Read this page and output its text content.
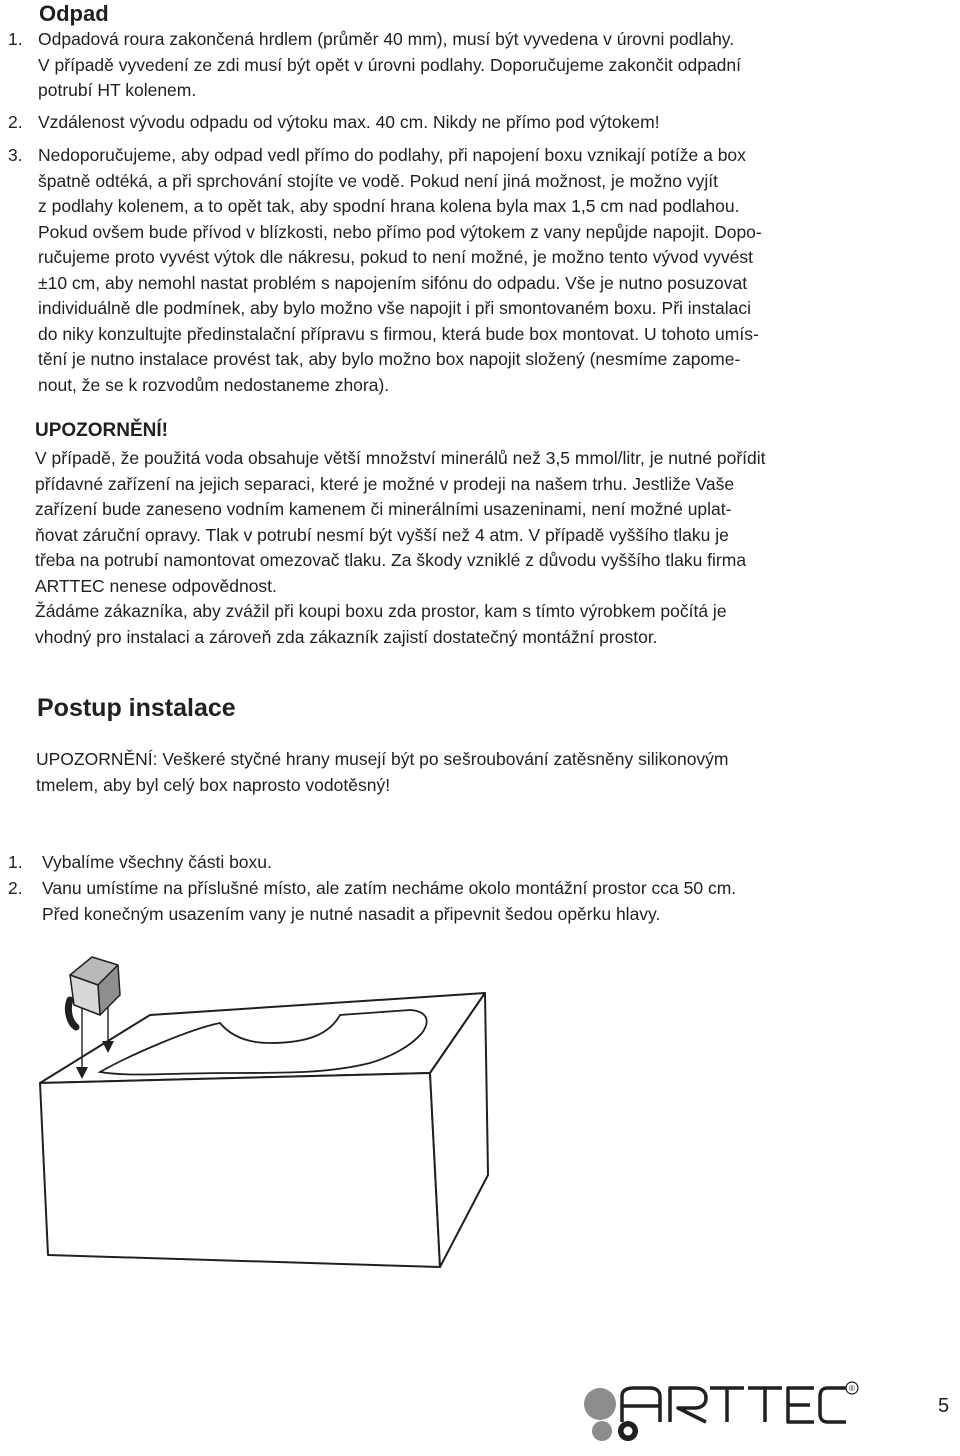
Odpad
1. Odpadová roura zakončená hrdlem (průměr 40 mm), musí být vyvedena v úrovni podlahy.
V případě vyvedení ze zdi musí být opět v úrovni podlahy. Doporučujeme zakončit odpadní
potrubí HT kolenem.
2. Vzdálenost vývodu odpadu od výtoku max. 40 cm. Nikdy ne přímo pod výtokem!
3. Nedoporučujeme, aby odpad vedl přímo do podlahy, při napojení boxu vznikají potíže a box
špatně odtéká, a při sprchování stojíte ve vodě. Pokud není jiná možnost, je možno vyjít
z podlahy kolenem, a to opět tak, aby spodní hrana kolena byla max 1,5 cm nad podlahou.
Pokud ovšem bude přívod v blízkosti, nebo přímo pod výtokem z vany nepůjde napojit. Dopo-
ručujeme proto vyvést výtok dle nákresu, pokud to není možné, je možno tento vývod vyvést
±10 cm, aby nemohl nastat problém s napojením sifónu do odpadu. Vše je nutno posuzovat
individuálně dle podmínek, aby bylo možno vše napojit i při smontovaném boxu. Při instalaci
do niky konzultujte předinstalační přípravu s firmou, která bude box montovat. U tohoto umís-
tění je nutno instalace provést tak, aby bylo možno box napojit složený (nesmíme zapome-
nout, že se k rozvodům nedostaneme zhora).
UPOZORNĚNÍ!
V případě, že použitá voda obsahuje větší množství minerálů než 3,5 mmol/litr, je nutné pořídit
přídavné zařízení na jejich separaci, které je možné v prodeji na našem trhu. Jestliže Vaše
zařízení bude zaneseno vodním kamenem či minerálními usazeninami, není možné uplat-
ňovat záruční opravy. Tlak v potrubí nesmí být vyšší než 4 atm. V případě vyššího tlaku je
třeba na potrubí namontovat omezovač tlaku. Za škody vzniklé z důvodu vyššího tlaku firma
ARTTEC nenese odpovědnost.
Žádáme zákazníka, aby zvážil při koupi boxu zda prostor, kam s tímto výrobkem počítá je
vhodný pro instalaci a zároveň zda zákazník zajistí dostatečný montážní prostor.
Postup instalace
UPOZORNĚNÍ: Veškeré styčné hrany musejí být po sešroubování zatěsněny silikonovým
tmelem, aby byl celý box naprosto vodotěsný!
1. Vybalíme všechny části boxu.
2. Vanu umístíme na příslušné místo, ale zatím necháme okolo montážní prostor cca 50 cm.
Před konečným usazením vany je nutné nasadit a připevnit šedou opěrku hlavy.
®
5
